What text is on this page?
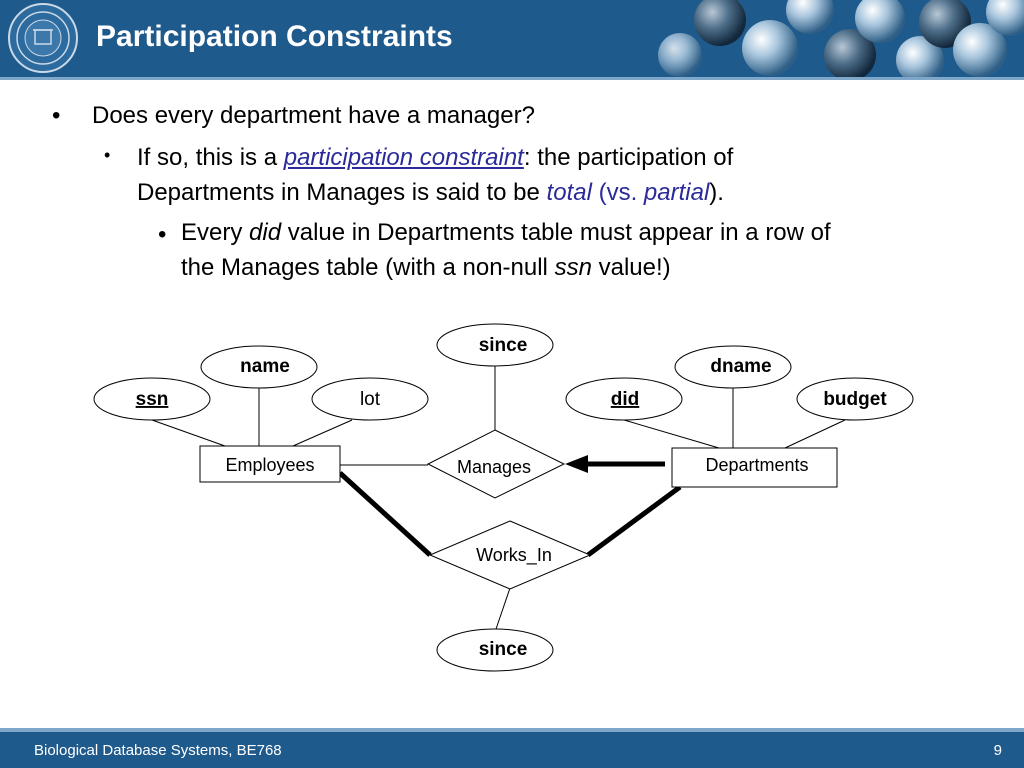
Participation Constraints
• Does every department have a manager?
• If so, this is a participation constraint: the participation of
Departments in Manages is said to be total (vs. partial).
• Every did value in Departments table must appear in a row of
the Manages table (with a non-null ssn value!)
ssn
name
lot
since
did
dname
budget
since
Employees	Departments
Manages
Works_In
Biological Database Systems, BE768	9
